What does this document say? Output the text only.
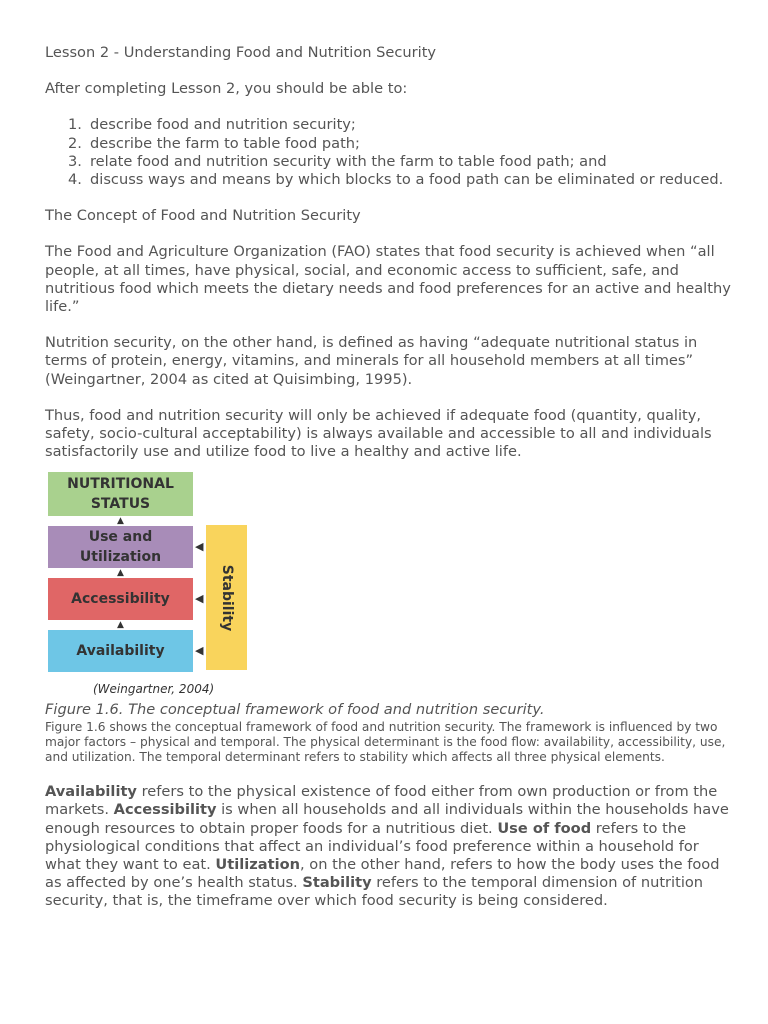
Lesson 2 - Understanding Food and Nutrition Security

After completing Lesson 2, you should be able to:

1. describe food and nutrition security;
2. describe the farm to table food path;
3. relate food and nutrition security with the farm to table food path; and
4. discuss ways and means by which blocks to a food path can be eliminated or reduced.

The Concept of Food and Nutrition Security

The Food and Agriculture Organization (FAO) states that food security is achieved when “all people, at all times, have physical, social, and economic access to sufficient, safe, and nutritious food which meets the dietary needs and food preferences for an active and healthy life.”

Nutrition security, on the other hand, is defined as having “adequate nutritional status in terms of protein, energy, vitamins, and minerals for all household members at all times” (Weingartner, 2004 as cited at Quisimbing, 1995).

Thus, food and nutrition security will only be achieved if adequate food (quantity, quality, safety, socio-cultural acceptability) is always available and accessible to all and individuals satisfactorily use and utilize food to live a healthy and active life.

NUTRITIONAL STATUS
▲
Use and Utilization
▲
Accessibility
▲
Availability
Stability
◀
◀
◀
(Weingartner, 2004)

Figure 1.6. The conceptual framework of food and nutrition security.

Figure 1.6 shows the conceptual framework of food and nutrition security. The framework is influenced by two major factors – physical and temporal. The physical determinant is the food flow: availability, accessibility, use, and utilization. The temporal determinant refers to stability which affects all three physical elements.

Availability refers to the physical existence of food either from own production or from the markets. Accessibility is when all households and all individuals within the households have enough resources to obtain proper foods for a nutritious diet. Use of food refers to the physiological conditions that affect an individual’s food preference within a household for what they want to eat. Utilization, on the other hand, refers to how the body uses the food as affected by one’s health status. Stability refers to the temporal dimension of nutrition security, that is, the timeframe over which food security is being considered.
